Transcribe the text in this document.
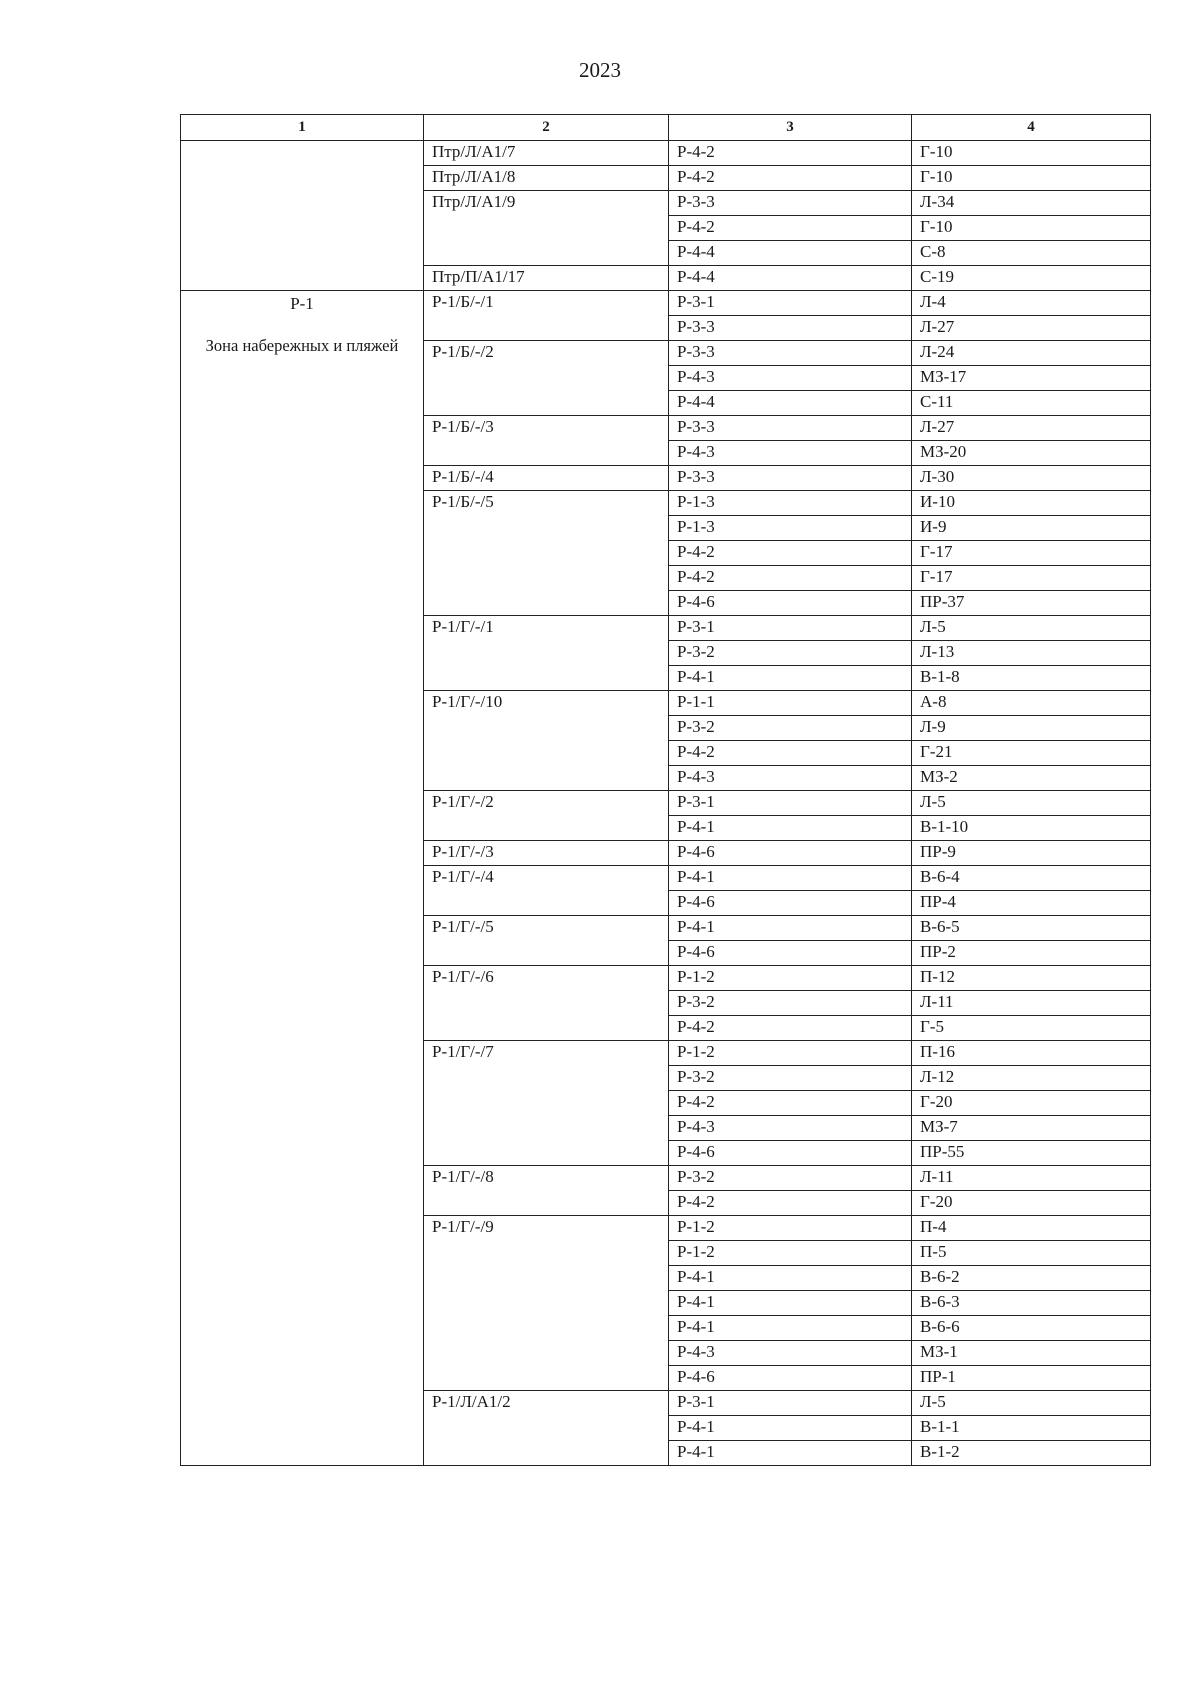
2023
1	2	3	4

	Птр/Л/А1/7	Р-4-2	Г-10
	Птр/Л/А1/8	Р-4-2	Г-10
	Птр/Л/А1/9	Р-3-3	Л-34
		Р-4-2	Г-10
		Р-4-4	С-8
	Птр/П/А1/17	Р-4-4	С-19

Р-1
Зона набережных и пляжей	Р-1/Б/-/1	Р-3-1	Л-4
		Р-3-3	Л-27
	Р-1/Б/-/2	Р-3-3	Л-24
		Р-4-3	МЗ-17
		Р-4-4	С-11
	Р-1/Б/-/3	Р-3-3	Л-27
		Р-4-3	МЗ-20
	Р-1/Б/-/4	Р-3-3	Л-30
	Р-1/Б/-/5	Р-1-3	И-10
		Р-1-3	И-9
		Р-4-2	Г-17
		Р-4-2	Г-17
		Р-4-6	ПР-37
	Р-1/Г/-/1	Р-3-1	Л-5
		Р-3-2	Л-13
		Р-4-1	В-1-8
	Р-1/Г/-/10	Р-1-1	А-8
		Р-3-2	Л-9
		Р-4-2	Г-21
		Р-4-3	МЗ-2
	Р-1/Г/-/2	Р-3-1	Л-5
		Р-4-1	В-1-10
	Р-1/Г/-/3	Р-4-6	ПР-9
	Р-1/Г/-/4	Р-4-1	В-6-4
		Р-4-6	ПР-4
	Р-1/Г/-/5	Р-4-1	В-6-5
		Р-4-6	ПР-2
	Р-1/Г/-/6	Р-1-2	П-12
		Р-3-2	Л-11
		Р-4-2	Г-5
	Р-1/Г/-/7	Р-1-2	П-16
		Р-3-2	Л-12
		Р-4-2	Г-20
		Р-4-3	МЗ-7
		Р-4-6	ПР-55
	Р-1/Г/-/8	Р-3-2	Л-11
		Р-4-2	Г-20
	Р-1/Г/-/9	Р-1-2	П-4
		Р-1-2	П-5
		Р-4-1	В-6-2
		Р-4-1	В-6-3
		Р-4-1	В-6-6
		Р-4-3	МЗ-1
		Р-4-6	ПР-1
	Р-1/Л/А1/2	Р-3-1	Л-5
		Р-4-1	В-1-1
		Р-4-1	В-1-2
